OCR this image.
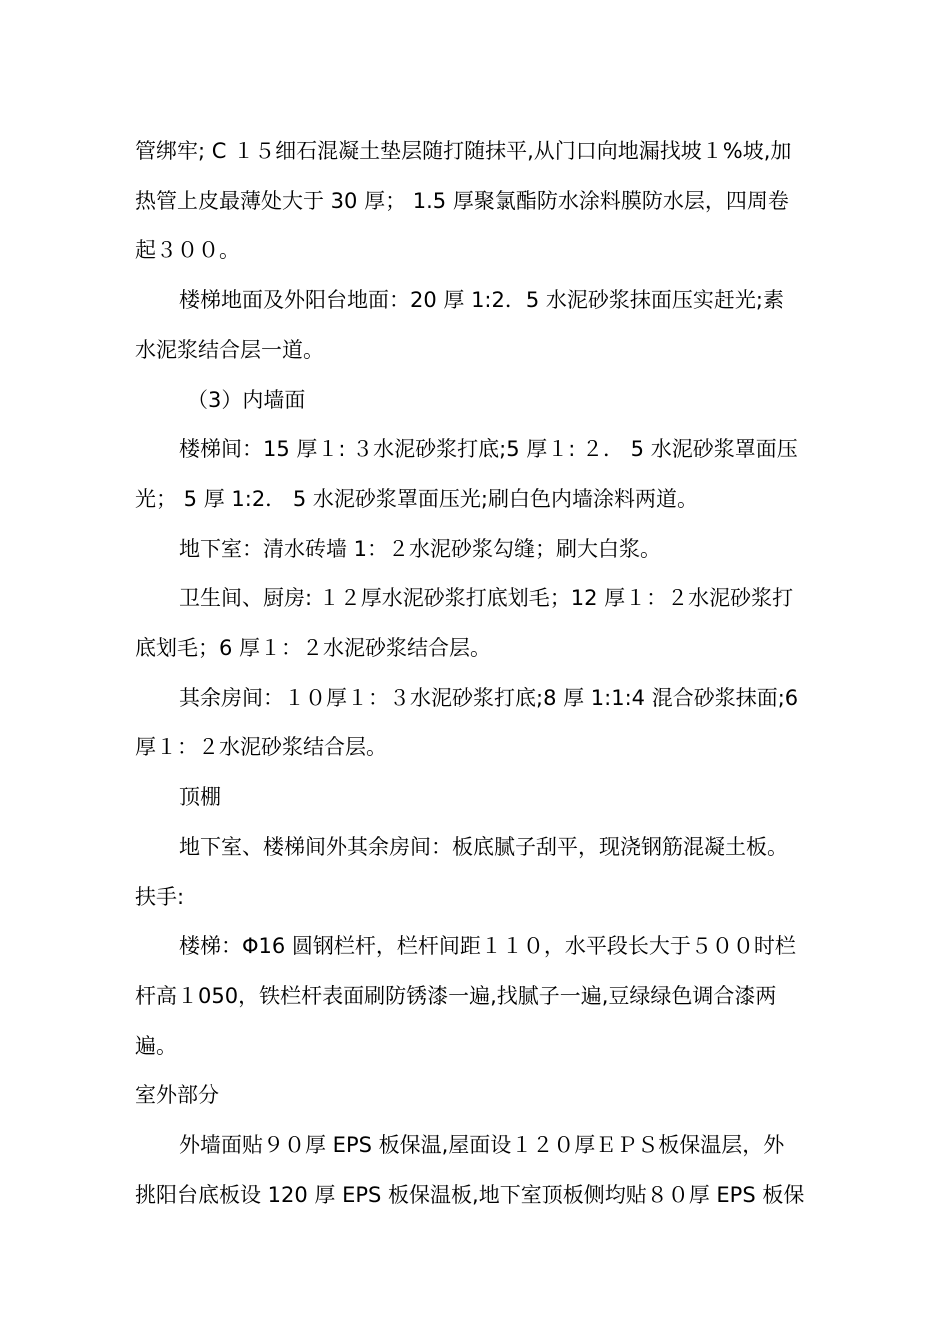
管绑牢; C １５细石混凝土垫层随打随抹平,从门口向地漏找坡１%坡,加

热管上皮最薄处大于 30 厚； 1.5 厚聚氯酯防水涂料膜防水层，四周卷

起３００。

楼梯地面及外阳台地面：20 厚 1:2．5 水泥砂浆抹面压实赶光;素

水泥浆结合层一道。

（3）内墙面

楼梯间：15 厚１: ３水泥砂浆打底;5 厚１: ２． 5 水泥砂浆罩面压

光； 5 厚 1:2． 5 水泥砂浆罩面压光;刷白色内墙涂料两道。

地下室：清水砖墙 1：２水泥砂浆勾缝；刷大白浆。

卫生间、厨房: １２厚水泥砂浆打底划毛；12 厚１：２水泥砂浆打

底划毛；6 厚１：２水泥砂浆结合层。

其余房间：１０厚１：３水泥砂浆打底;8 厚 1:1:4 混合砂浆抹面;6

厚１：２水泥砂浆结合层。

顶棚

地下室、楼梯间外其余房间：板底腻子刮平，现浇钢筋混凝土板。

扶手:

楼梯：Φ16 圆钢栏杆，栏杆间距１１０，水平段长大于５００时栏

杆高１050，铁栏杆表面刷防锈漆一遍,找腻子一遍,豆绿绿色调合漆两

遍。

室外部分

外墙面贴９０厚 EPS 板保温,屋面设１２０厚ＥＰＳ板保温层，外

挑阳台底板设 120 厚 EPS 板保温板,地下室顶板侧均贴８０厚 EPS 板保
